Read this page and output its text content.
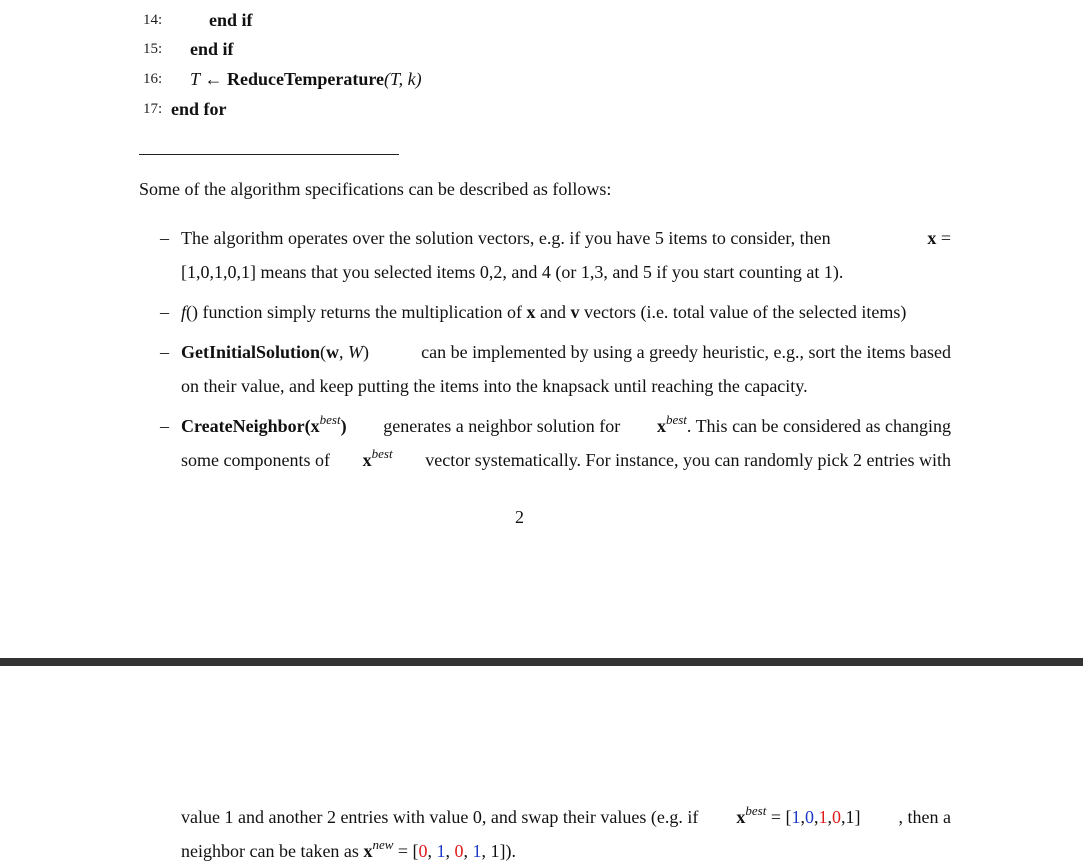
14:	end if
15: end if
16: T ← ReduceTemperature(T, k)
17: end for

Some of the algorithm specifications can be described as follows:

– The algorithm operates over the solution vectors, e.g. if you have 5 items to consider, then	x =
[1,0,1,0,1] means that you selected items 0,2, and 4 (or 1,3, and 5 if you start counting at 1).
– f() function simply returns the multiplication of x and v vectors (i.e. total value of the selected items)
– GetInitialSolution(w, W)	can be implemented by using a greedy heuristic, e.g., sort the items based
on their value, and keep putting the items into the knapsack until reaching the capacity.
– $CreateNeighbor(x^{best})$ generates a neighbor solution for $x^{best}$. This can be considered as changing
some components of $x^{best}$ vector systematically. For instance, you can randomly pick 2 entries with
2
value 1 and another 2 entries with value 0, and swap their values (e.g. if $x^{best} = [1,0,1,0,1]$ , then a
neighbor can be taken as $x^{new} = [0$, 1, 0, 1, 1]).
